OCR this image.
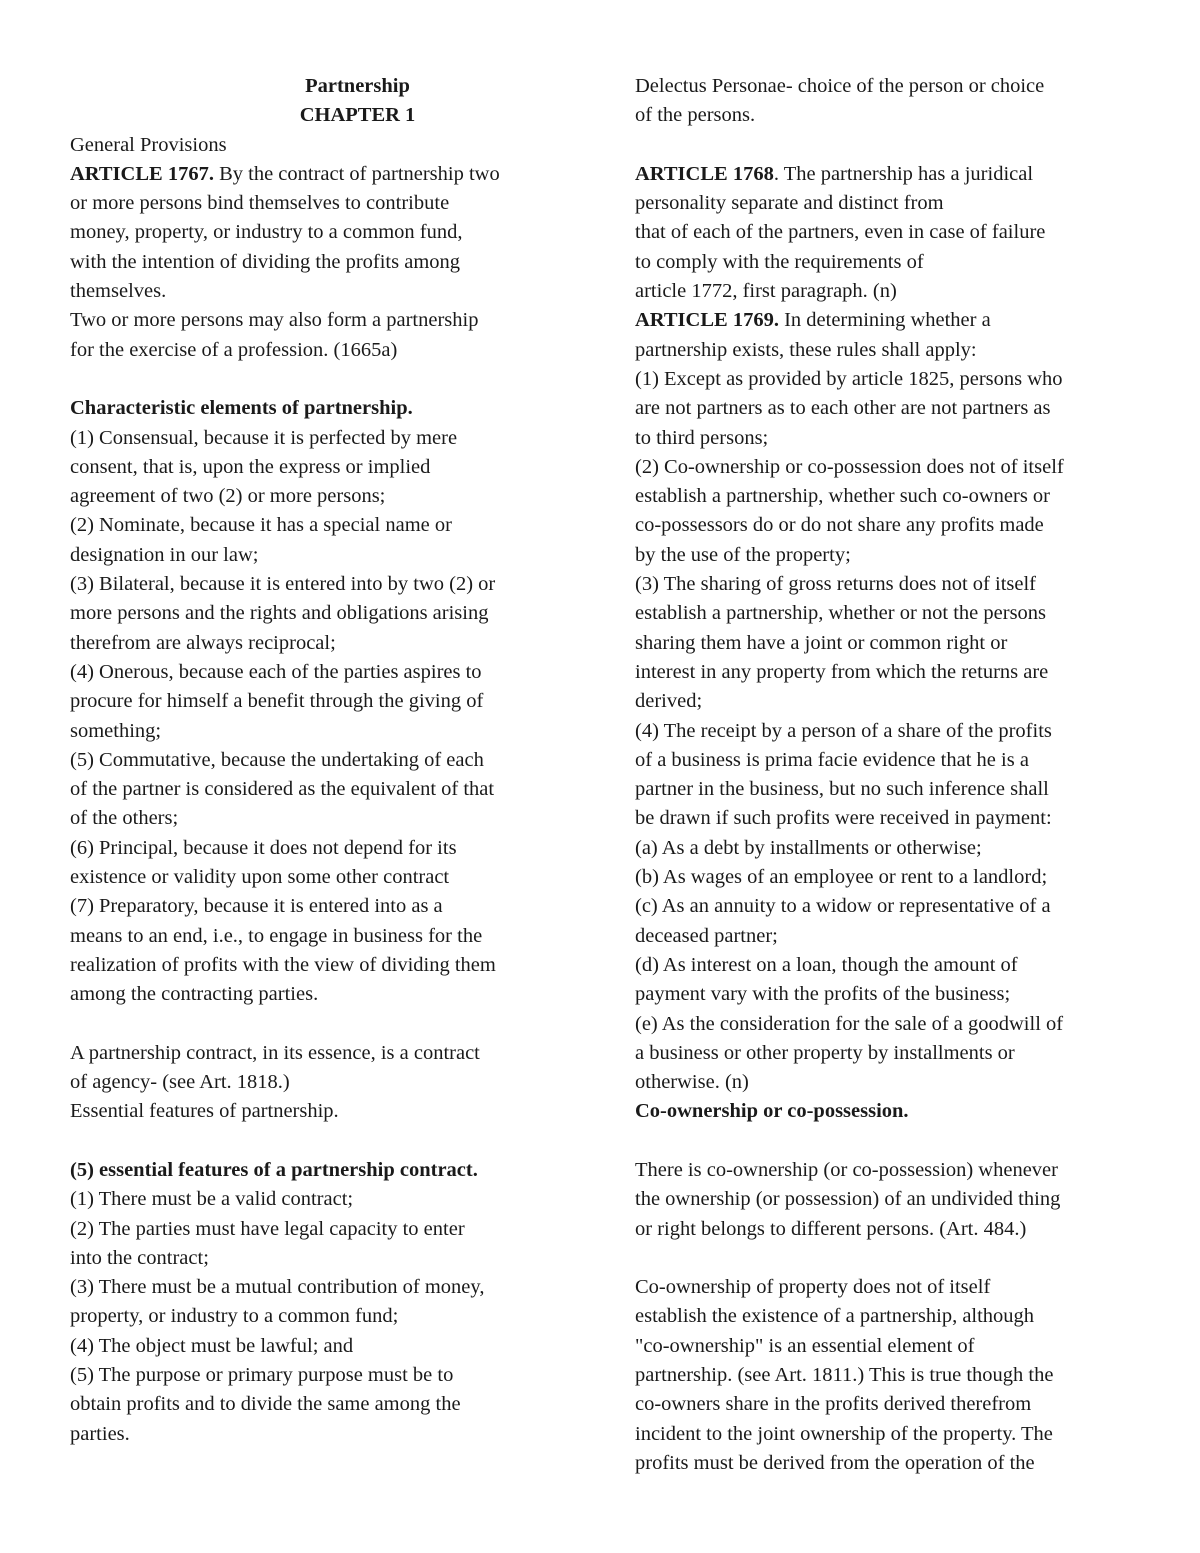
Partnership
CHAPTER 1
General Provisions
ARTICLE 1767. By the contract of partnership two
or more persons bind themselves to contribute
money, property, or industry to a common fund,
with the intention of dividing the profits among
themselves.
Two or more persons may also form a partnership
for the exercise of a profession. (1665a)
Characteristic elements of partnership.
(1) Consensual, because it is perfected by mere
consent, that is, upon the express or implied
agreement of two (2) or more persons;
(2) Nominate, because it has a special name or
designation in our law;
(3) Bilateral, because it is entered into by two (2) or
more persons and the rights and obligations arising
therefrom are always reciprocal;
(4) Onerous, because each of the parties aspires to
procure for himself a benefit through the giving of
something;
(5) Commutative, because the undertaking of each
of the partner is considered as the equivalent of that
of the others;
(6) Principal, because it does not depend for its
existence or validity upon some other contract
(7) Preparatory, because it is entered into as a
means to an end, i.e., to engage in business for the
realization of profits with the view of dividing them
among the contracting parties.
A partnership contract, in its essence, is a contract
of agency- (see Art. 1818.)
Essential features of partnership.
(5) essential features of a partnership contract.
(1) There must be a valid contract;
(2) The parties must have legal capacity to enter
into the contract;
(3) There must be a mutual contribution of money,
property, or industry to a common fund;
(4) The object must be lawful; and
(5) The purpose or primary purpose must be to
obtain profits and to divide the same among the
parties.
Delectus Personae- choice of the person or choice
of the persons.
ARTICLE 1768. The partnership has a juridical
personality separate and distinct from
that of each of the partners, even in case of failure
to comply with the requirements of
article 1772, first paragraph. (n)
ARTICLE 1769. In determining whether a
partnership exists, these rules shall apply:
(1) Except as provided by article 1825, persons who
are not partners as to each other are not partners as
to third persons;
(2) Co-ownership or co-possession does not of itself
establish a partnership, whether such co-owners or
co-possessors do or do not share any profits made
by the use of the property;
(3) The sharing of gross returns does not of itself
establish a partnership, whether or not the persons
sharing them have a joint or common right or
interest in any property from which the returns are
derived;
(4) The receipt by a person of a share of the profits
of a business is prima facie evidence that he is a
partner in the business, but no such inference shall
be drawn if such profits were received in payment:
(a) As a debt by installments or otherwise;
(b) As wages of an employee or rent to a landlord;
(c) As an annuity to a widow or representative of a
deceased partner;
(d) As interest on a loan, though the amount of
payment vary with the profits of the business;
(e) As the consideration for the sale of a goodwill of
a business or other property by installments or
otherwise. (n)
Co-ownership or co-possession.
There is co-ownership (or co-possession) whenever
the ownership (or possession) of an undivided thing
or right belongs to different persons. (Art. 484.)
Co-ownership of property does not of itself
establish the existence of a partnership, although
"co-ownership" is an essential element of
partnership. (see Art. 1811.) This is true though the
co-owners share in the profits derived therefrom
incident to the joint ownership of the property. The
profits must be derived from the operation of the
